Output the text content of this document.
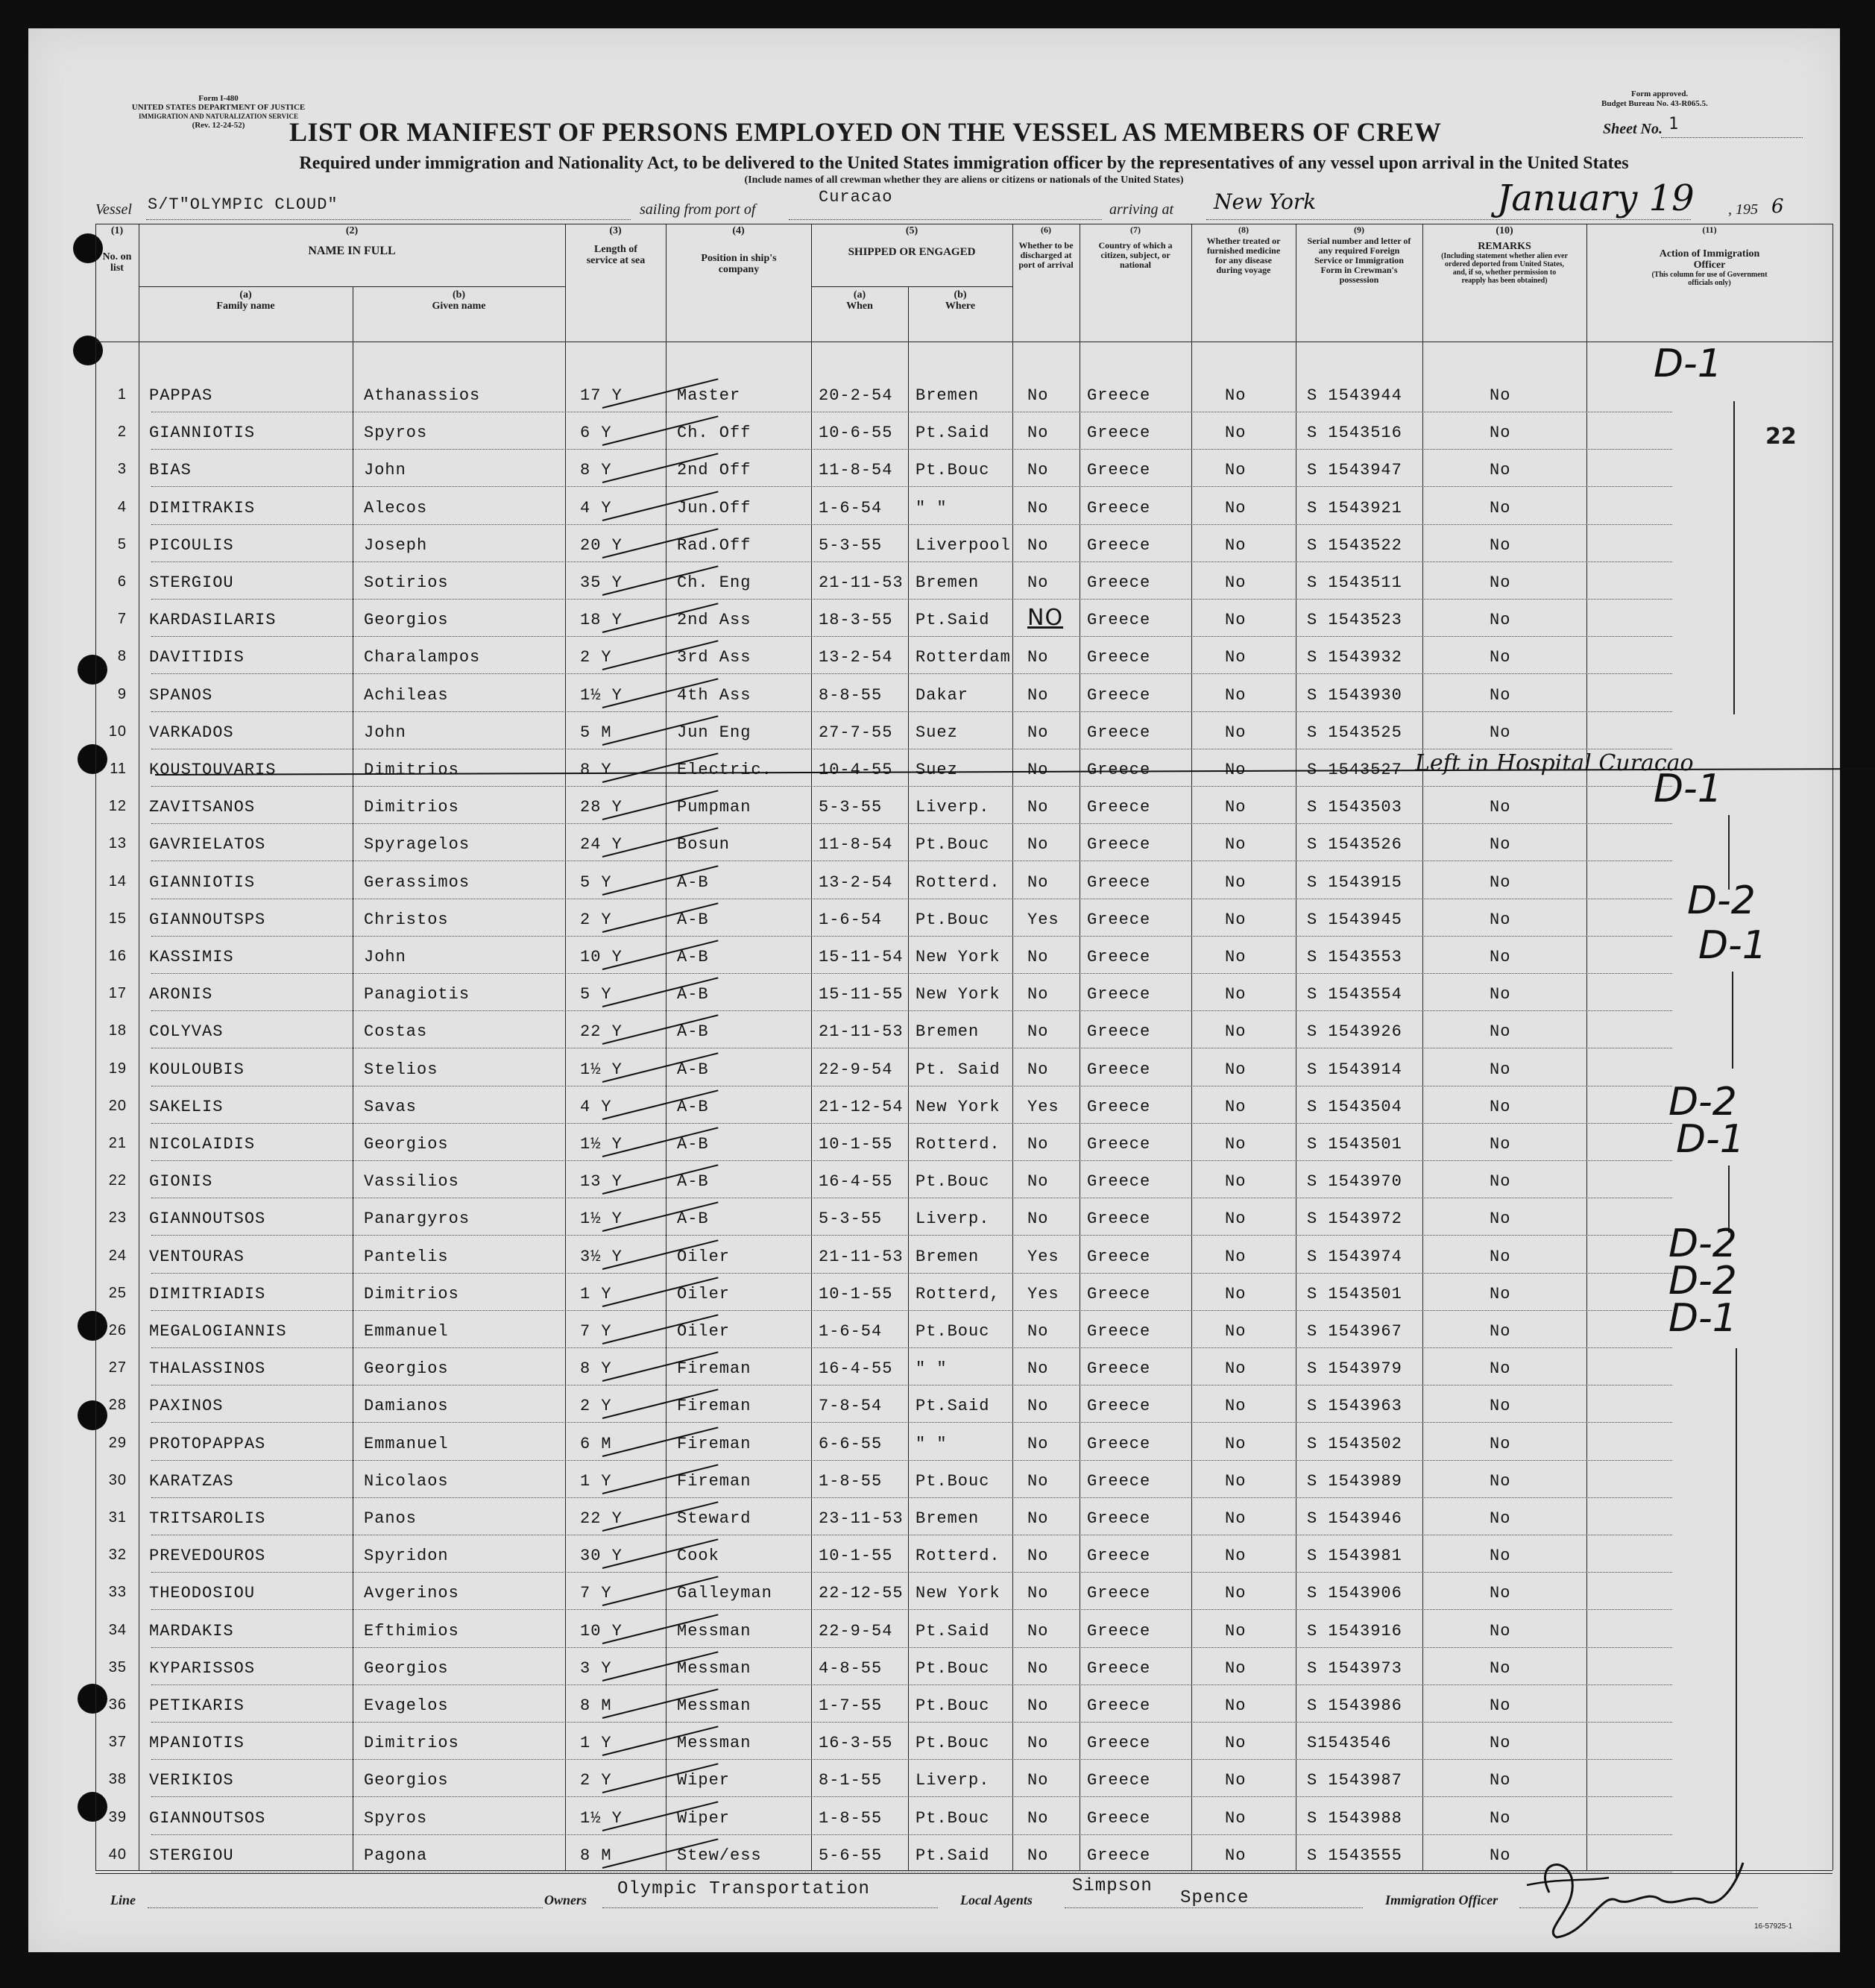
Form I-480
UNITED STATES DEPARTMENT OF JUSTICE
IMMIGRATION AND NATURALIZATION SERVICE
(Rev. 12-24-52)
Form approved.
Budget Bureau No. 43-R065.5.
LIST OR MANIFEST OF PERSONS EMPLOYED ON THE VESSEL AS MEMBERS OF CREW	Sheet No. 1
Required under immigration and Nationality Act, to be delivered to the United States immigration officer by the representatives of any vessel upon arrival in the United States
(Include names of all crewman whether they are aliens or citizens or nationals of the United States)
Vessel S/T"OLYMPIC CLOUD"	sailing from port of
Curacao
arriving at New York	January 19 , 195 6
(1)
No. on list
(2)
NAME IN FULL
(a)
Family name
(b)
Given name
(3)
Length of service at sea
(4)
Position in ship's company
(5)
SHIPPED OR ENGAGED
(a)
When
(b)
Where
(6)
Whether to be discharged at port of arrival
(7)
Country of which a citizen, subject, or national
(8)
Whether treated or furnished medicine for any disease during voyage
(9)
Serial number and letter of any required Foreign Service or Immigration Form in Crewman's possession
(10)
REMARKS
(Including statement whether alien ever ordered deported from United States, and, if so, whether permission to reapply has been obtained)
(11)
Action of Immigration Officer
(This column for use of Government officials only)
1 PAPPAS	Athanassios	17 Y	Master	20-2-54 Bremen	No Greece	No	S 1543944	No
2 GIANNIOTIS	Spyros	6 Y	Ch. Off	10-6-55 Pt.Said No Greece	No	S 1543516	No
3 BIAS	John	8 Y	2nd Off	11-8-54 Pt.Bouc No Greece	No	S 1543947	No
4 DIMITRAKIS	Alecos	4 Y	Jun.Off	1-6-54 " "	No Greece	No	S 1543921	No
5 PICOULIS	Joseph	20 Y	Rad.Off	5-3-55 Liverpool No Greece	No	S 1543522	No
6 STERGIOU	Sotirios	35 Y	Ch. Eng	21-11-53 Bremen	No Greece	No	S 1543511	No
7 KARDASILARIS	Georgios	18 Y	2nd Ass	18-3-55 Pt.Said NO Greece	No	S 1543523	No
8 DAVITIDIS	Charalampos	2 Y	3rd Ass	13-2-54 Rotterdam No Greece	No	S 1543932	No
9 SPANOS	Achileas	1½ Y	4th Ass	8-8-55 Dakar	No Greece	No	S 1543930	No
10 VARKADOS	John	5 M	Jun Eng	27-7-55 Suez	No Greece	No	S 1543525	No
11 KOUSTOUVARIS	Dimitrios	8 Y	Electric.	10-4-55 Suez	No Greece	No	S 1543527 Left in Hospital Curacao
12 ZAVITSANOS	Dimitrios	28 Y	Pumpman	5-3-55 Liverp. No Greece	No	S 1543503	No
13 GAVRIELATOS	Spyragelos	24 Y	Bosun	11-8-54 Pt.Bouc No Greece	No	S 1543526	No
14 GIANNIOTIS	Gerassimos	5 Y	A-B	13-2-54 Rotterd. No Greece	No	S 1543915	No
15 GIANNOUTSPS	Christos	2 Y	A-B	1-6-54 Pt.Bouc Yes Greece	No	S 1543945	No
16 KASSIMIS	John	10 Y	A-B	15-11-54 New York No Greece	No	S 1543553	No
17 ARONIS	Panagiotis	5 Y	A-B	15-11-55 New York No Greece	No	S 1543554	No
18 COLYVAS	Costas	22 Y	A-B	21-11-53 Bremen	No Greece	No	S 1543926	No
19 KOULOUBIS	Stelios	1½ Y	A-B	22-9-54 Pt. Said No Greece	No	S 1543914	No
20 SAKELIS	Savas	4 Y	A-B	21-12-54 New York Yes Greece	No	S 1543504	No
21 NICOLAIDIS	Georgios	1½ Y	A-B	10-1-55 Rotterd. No Greece	No	S 1543501	No
22 GIONIS	Vassilios	13 Y	A-B	16-4-55 Pt.Bouc No Greece	No	S 1543970	No
23 GIANNOUTSOS	Panargyros	1½ Y	A-B	5-3-55 Liverp. No Greece	No	S 1543972	No
24 VENTOURAS	Pantelis	3½ Y	Oiler	21-11-53 Bremen	Yes Greece	No	S 1543974	No
25 DIMITRIADIS	Dimitrios	1 Y	Oiler	10-1-55 Rotterd, Yes Greece	No	S 1543501	No
26 MEGALOGIANNIS	Emmanuel	7 Y	Oiler	1-6-54 Pt.Bouc No Greece	No	S 1543967	No
27 THALASSINOS	Georgios	8 Y	Fireman	16-4-55 " "	No Greece	No	S 1543979	No
28 PAXINOS	Damianos	2 Y	Fireman	7-8-54 Pt.Said No Greece	No	S 1543963	No
29 PROTOPAPPAS	Emmanuel	6 M	Fireman	6-6-55 " "	No Greece	No	S 1543502	No
30 KARATZAS	Nicolaos	1 Y	Fireman	1-8-55 Pt.Bouc No Greece	No	S 1543989	No
31 TRITSAROLIS	Panos	22 Y	Steward	23-11-53 Bremen	No Greece	No	S 1543946	No
32 PREVEDOUROS	Spyridon	30 Y	Cook	10-1-55 Rotterd. No Greece	No	S 1543981	No
33 THEODOSIOU	Avgerinos	7 Y	Galleyman	22-12-55 New York No Greece	No	S 1543906	No
34 MARDAKIS	Efthimios	10 Y	Messman	22-9-54 Pt.Said No Greece	No	S 1543916	No
35 KYPARISSOS	Georgios	3 Y	Messman	4-8-55 Pt.Bouc No Greece	No	S 1543973	No
36 PETIKARIS	Evagelos	8 M	Messman	1-7-55 Pt.Bouc No Greece	No	S 1543986	No
37 MPANIOTIS	Dimitrios	1 Y	Messman	16-3-55 Pt.Bouc No Greece	No	S1543546	No
38 VERIKIOS	Georgios	2 Y	Wiper	8-1-55 Liverp. No Greece	No	S 1543987	No
39 GIANNOUTSOS	Spyros	1½ Y	Wiper	1-8-55 Pt.Bouc No Greece	No	S 1543988	No
40 STERGIOU	Pagona	8 M	Stew/ess	5-6-55 Pt.Said No Greece	No	S 1543555	No
D-1
22
D-1
D-2
D-1
D-2
D-1
D-2
D-2
D-1
Line	Owners
Olympic Transportation
Local Agents
Simpson
Spence	Immigration Officer
16-57925-1
